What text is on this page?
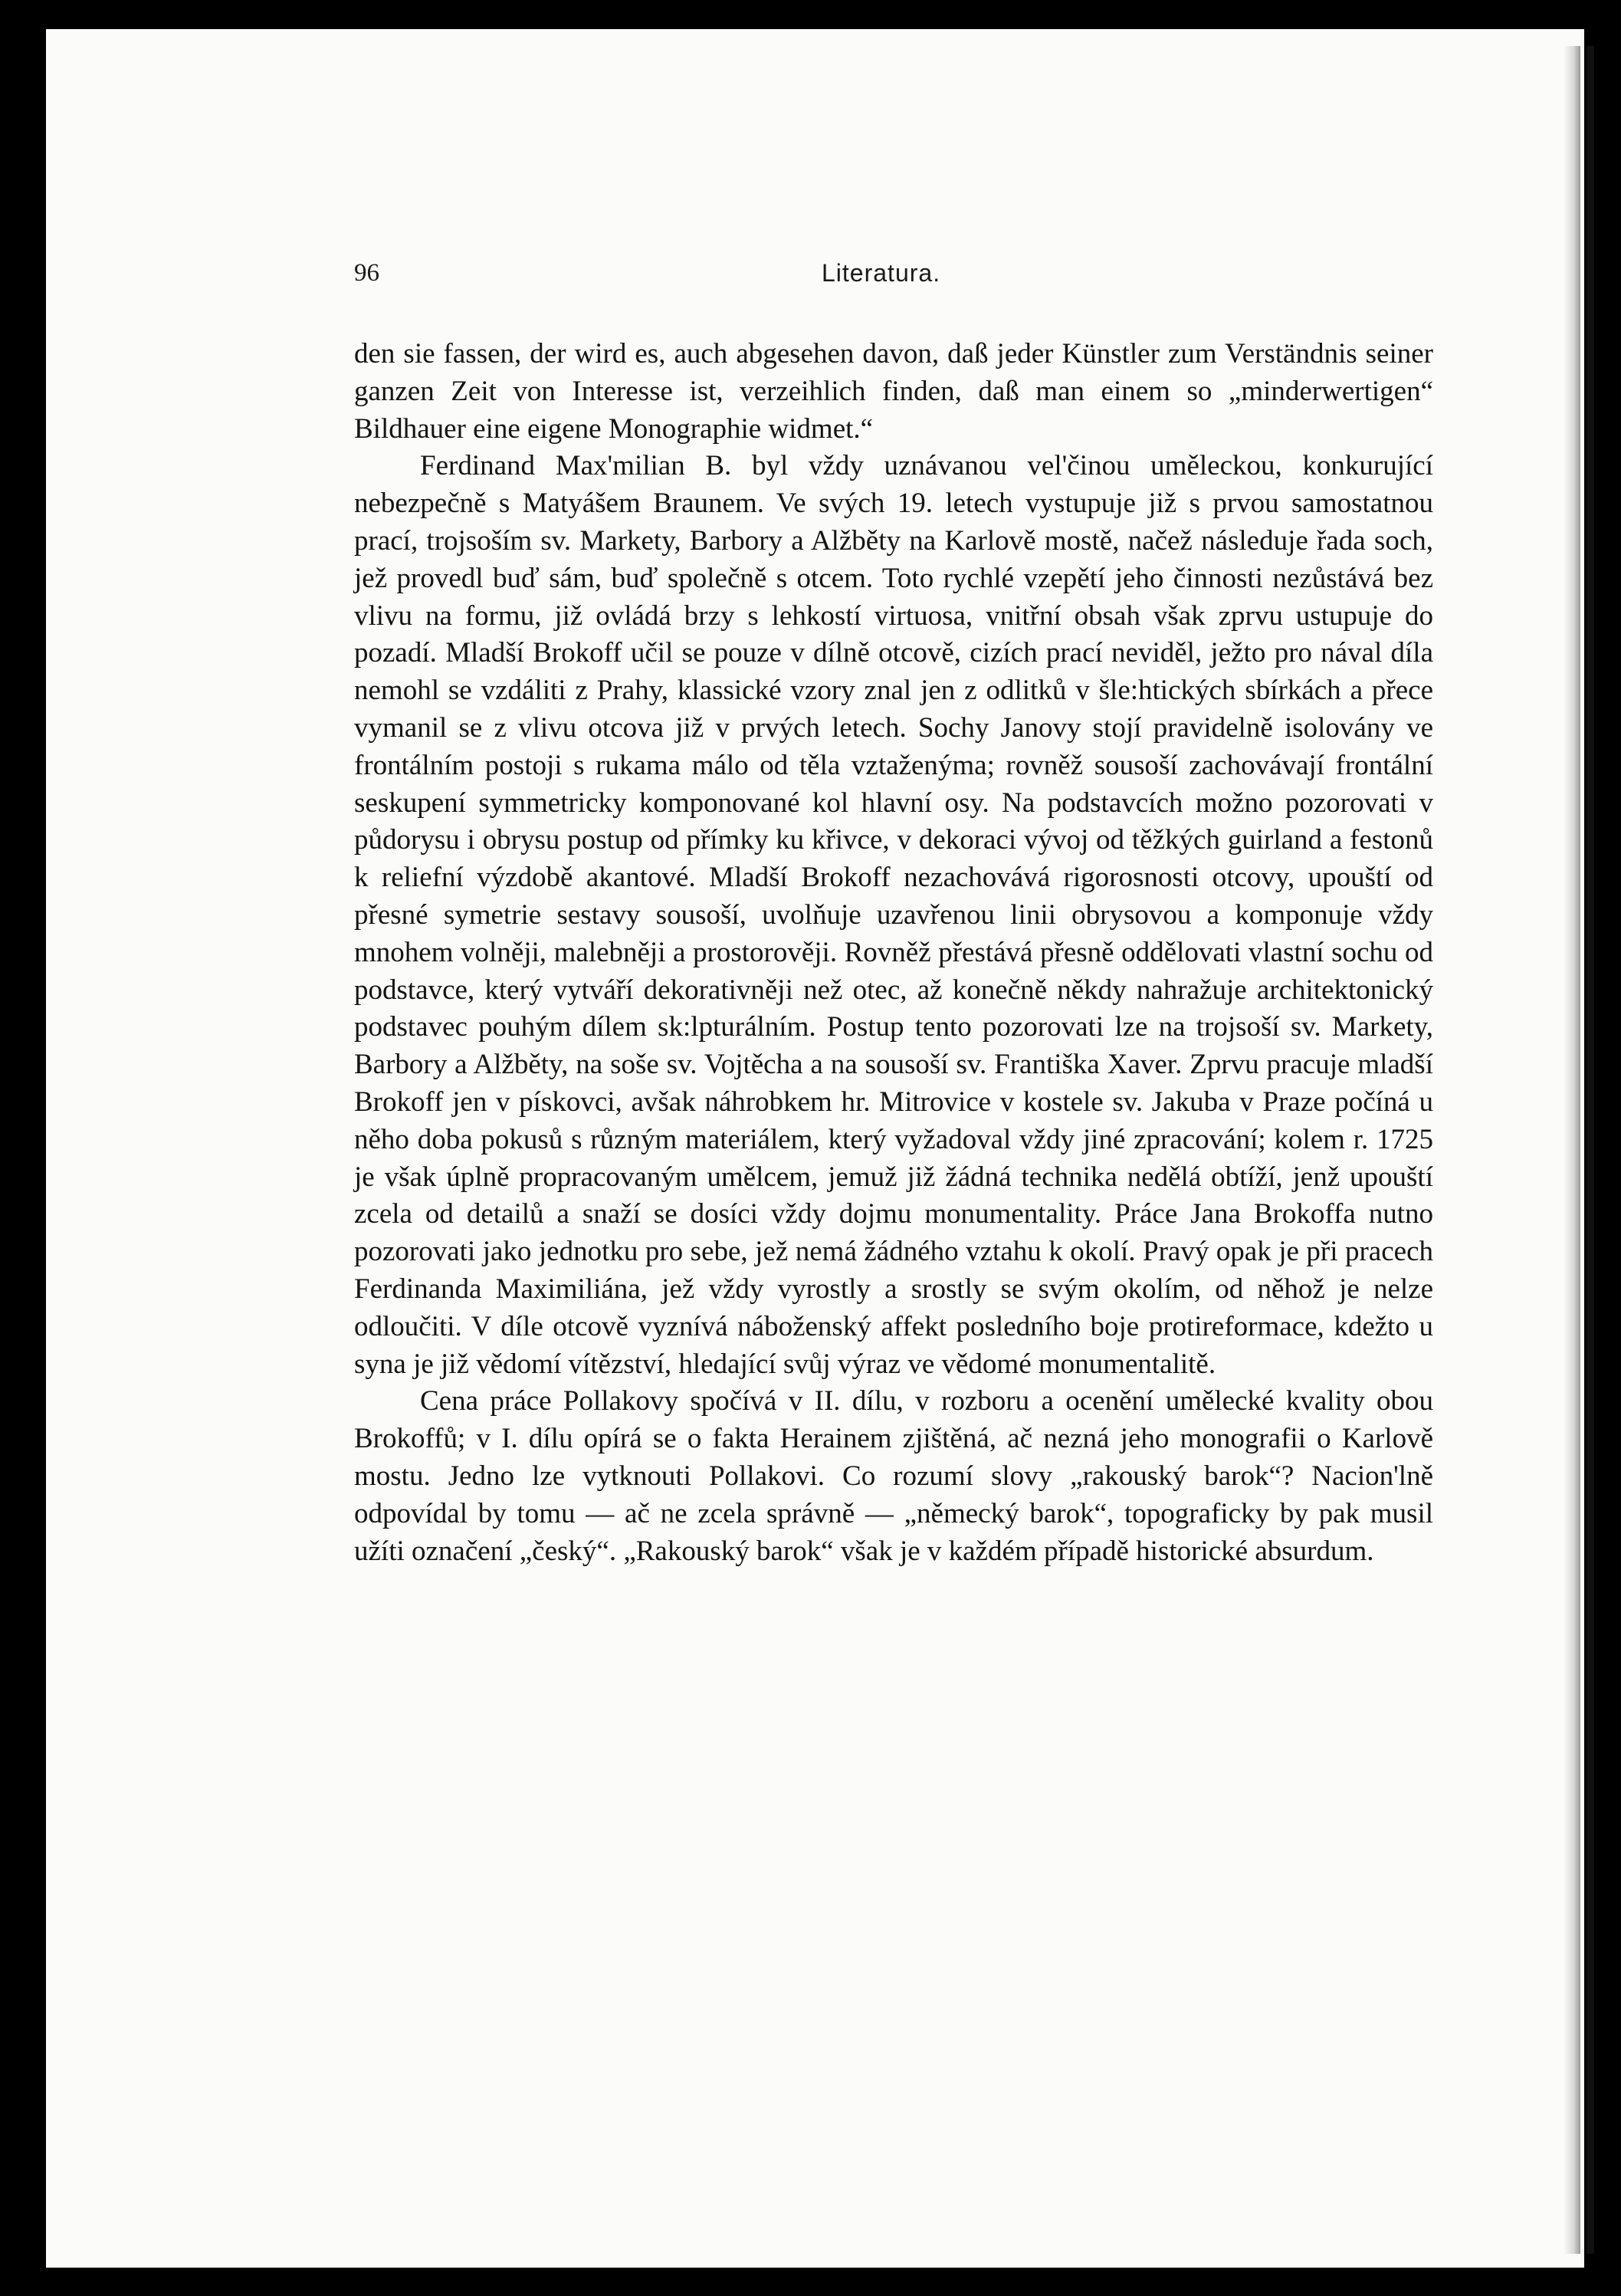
96	Literatura.

den sie fassen, der wird es, auch abgesehen davon, daß jeder Künstler zum Verständnis seiner ganzen Zeit von Interesse ist, verzeihlich finden, daß man einem so „minderwertigen“ Bildhauer eine eigene Monographie widmet.“

Ferdinand Max'milian B. byl vždy uznávanou vel'činou uměleckou, konkurující nebezpečně s Matyášem Braunem. Ve svých 19. letech vystupuje již s prvou samostatnou prací, trojsoším sv. Markety, Barbory a Alžběty na Karlově mostě, načež následuje řada soch, jež provedl buď sám, buď společně s otcem. Toto rychlé vzepětí jeho činnosti nezůstává bez vlivu na formu, již ovládá brzy s lehkostí virtuosa, vnitřní obsah však zprvu ustupuje do pozadí. Mladší Brokoff učil se pouze v dílně otcově, cizích prací neviděl, ježto pro nával díla nemohl se vzdáliti z Prahy, klassické vzory znal jen z odlitků v šle:htických sbírkách a přece vymanil se z vlivu otcova již v prvých letech. Sochy Janovy stojí pravidelně isolovány ve frontálním postoji s rukama málo od těla vztaženýma; rovněž sousoší zachovávají frontální seskupení symmetricky komponované kol hlavní osy. Na podstavcích možno pozorovati v půdorysu i obrysu postup od přímky ku křivce, v dekoraci vývoj od těžkých guirland a festonů k reliefní výzdobě akantové. Mladší Brokoff nezachovává rigorosnosti otcovy, upouští od přesné symetrie sestavy sousoší, uvolňuje uzavřenou linii obrysovou a komponuje vždy mnohem volněji, malebněji a prostorověji. Rovněž přestává přesně oddělovati vlastní sochu od podstavce, který vytváří dekorativněji než otec, až konečně někdy nahražuje architektonický podstavec pouhým dílem sk:lpturálním. Postup tento pozorovati lze na trojsoší sv. Markety, Barbory a Alžběty, na soše sv. Vojtěcha a na sousoší sv. Františka Xaver. Zprvu pracuje mladší Brokoff jen v pískovci, avšak náhrobkem hr. Mitrovice v kostele sv. Jakuba v Praze počíná u něho doba pokusů s různým materiálem, který vyžadoval vždy jiné zpracování; kolem r. 1725 je však úplně propracovaným umělcem, jemuž již žádná technika nedělá obtíží, jenž upouští zcela od detailů a snaží se dosíci vždy dojmu monumentality. Práce Jana Brokoffa nutno pozorovati jako jednotku pro sebe, jež nemá žádného vztahu k okolí. Pravý opak je při pracech Ferdinanda Maximiliána, jež vždy vyrostly a srostly se svým okolím, od něhož je nelze odloučiti. V díle otcově vyznívá náboženský affekt posledního boje protireformace, kdežto u syna je již vědomí vítězství, hledající svůj výraz ve vědomé monumentalitě.

Cena práce Pollakovy spočívá v II. dílu, v rozboru a ocenění umělecké kvality obou Brokoffů; v I. dílu opírá se o fakta Herainem zjištěná, ač nezná jeho monografii o Karlově mostu. Jedno lze vytknouti Pollakovi. Co rozumí slovy „rakouský barok“? Nacion'lně odpovídal by tomu — ač ne zcela správně — „německý barok“, topograficky by pak musil užíti označení „český“. „Rakouský barok“ však je v každém případě historické absurdum.
